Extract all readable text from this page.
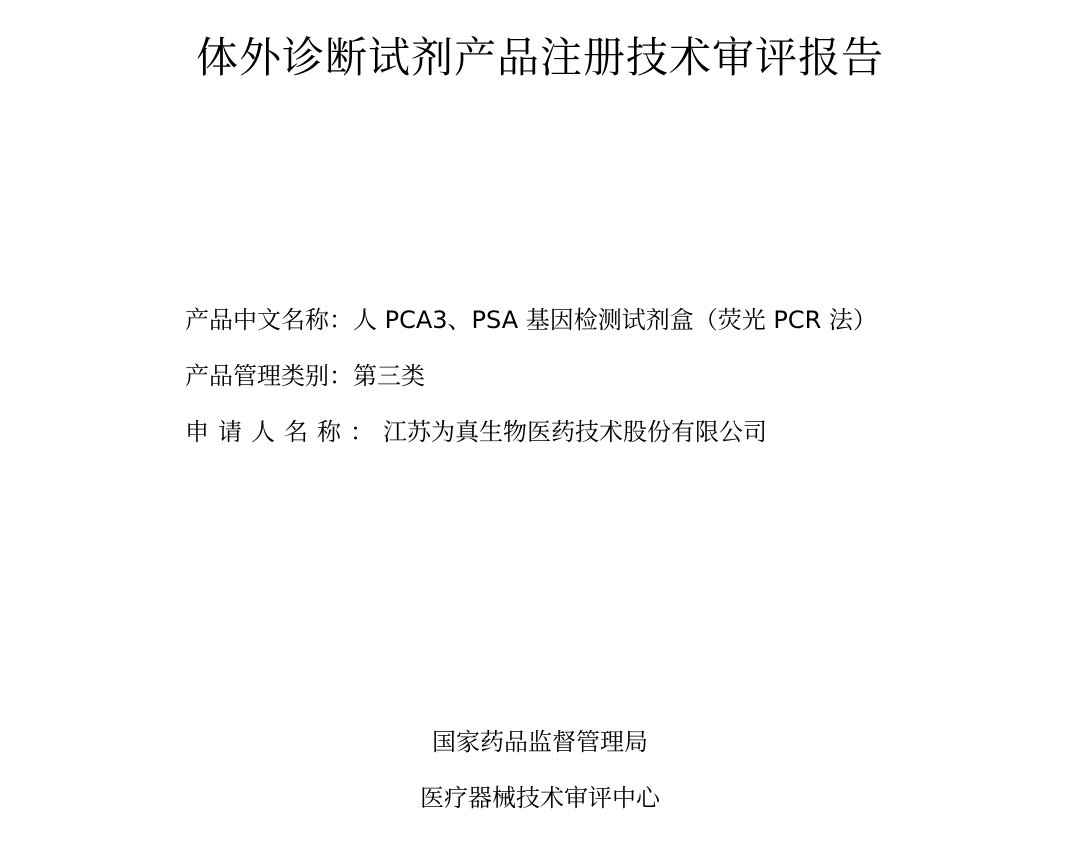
体外诊断试剂产品注册技术审评报告
产品中文名称：人 PCA3、PSA 基因检测试剂盒（荧光 PCR 法）
产品管理类别：第三类
申请人名称：江苏为真生物医药技术股份有限公司
国家药品监督管理局
医疗器械技术审评中心
